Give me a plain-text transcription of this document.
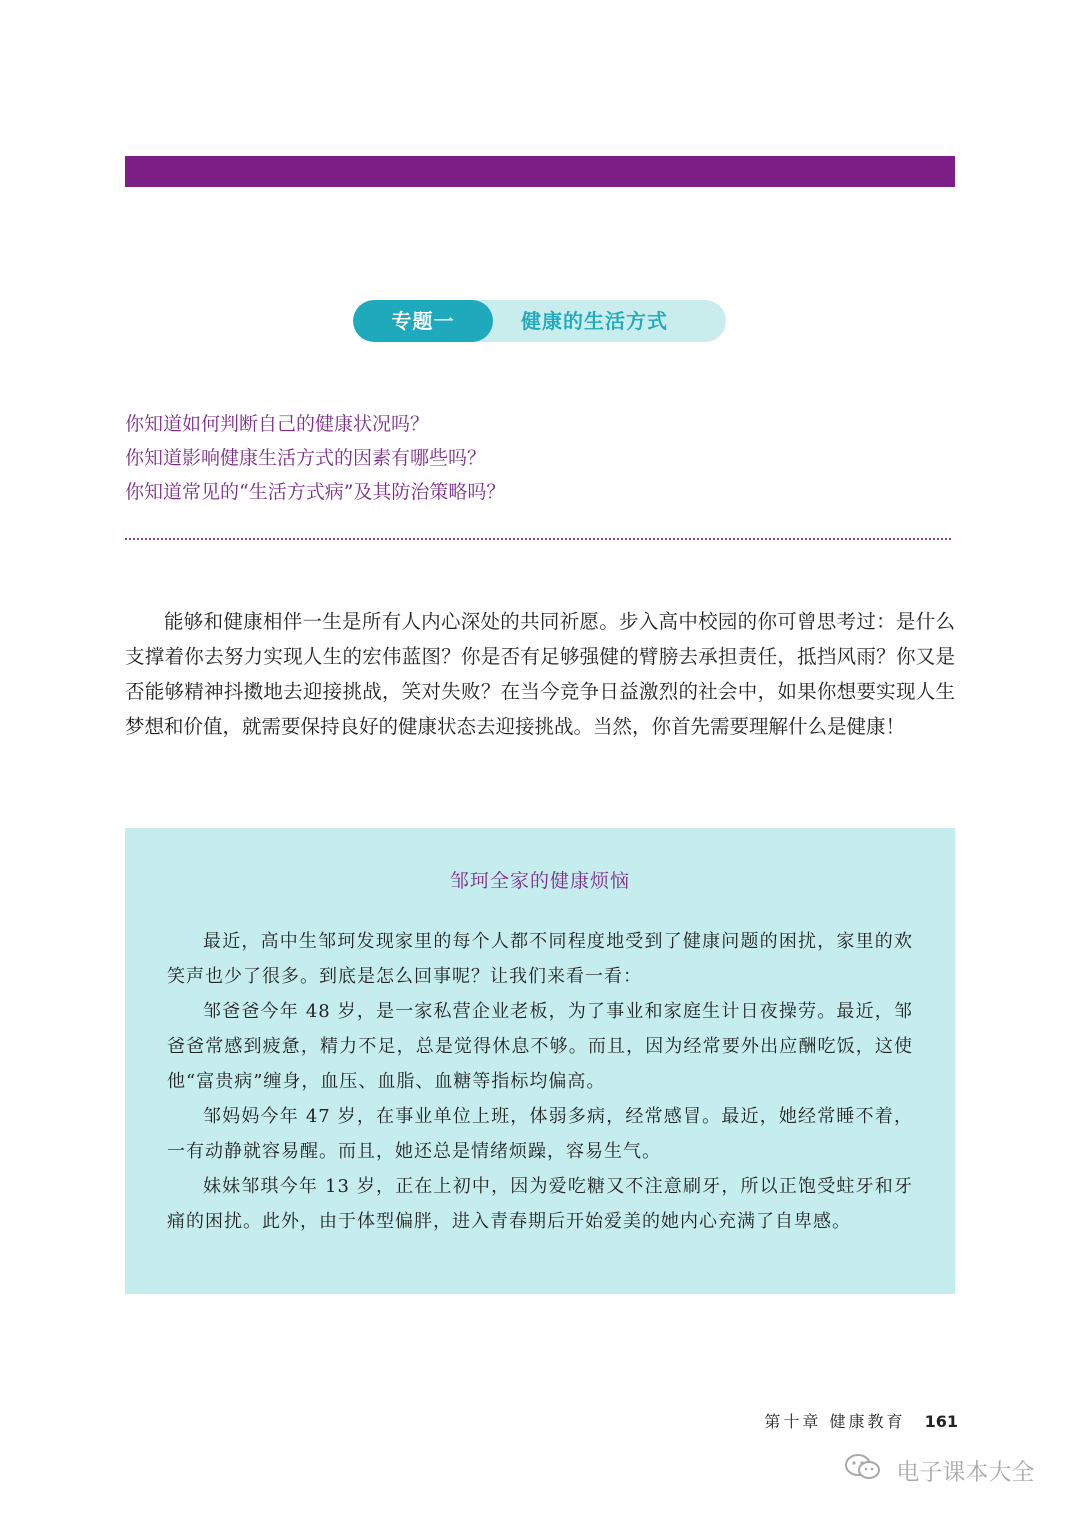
专题一	健康的生活方式
你知道如何判断自己的健康状况吗？
你知道影响健康生活方式的因素有哪些吗？
你知道常见的“生活方式病”及其防治策略吗？

能够和健康相伴一生是所有人内心深处的共同祈愿。步入高中校园的你可曾思考过：是什么支撑着你去努力实现人生的宏伟蓝图？你是否有足够强健的臂膀去承担责任，抵挡风雨？你又是否能够精神抖擞地去迎接挑战，笑对失败？在当今竞争日益激烈的社会中，如果你想要实现人生梦想和价值，就需要保持良好的健康状态去迎接挑战。当然，你首先需要理解什么是健康！

邹珂全家的健康烦恼

最近，高中生邹珂发现家里的每个人都不同程度地受到了健康问题的困扰，家里的欢笑声也少了很多。到底是怎么回事呢？让我们来看一看：

邹爸爸今年 48 岁，是一家私营企业老板，为了事业和家庭生计日夜操劳。最近，邹爸爸常感到疲惫，精力不足，总是觉得休息不够。而且，因为经常要外出应酬吃饭，这使他“富贵病”缠身，血压、血脂、血糖等指标均偏高。

邹妈妈今年 47 岁，在事业单位上班，体弱多病，经常感冒。最近，她经常睡不着，一有动静就容易醒。而且，她还总是情绪烦躁，容易生气。

妹妹邹琪今年 13 岁，正在上初中，因为爱吃糖又不注意刷牙，所以正饱受蛀牙和牙痛的困扰。此外，由于体型偏胖，进入青春期后开始爱美的她内心充满了自卑感。

第十章 健康教育 161
电子课本大全
